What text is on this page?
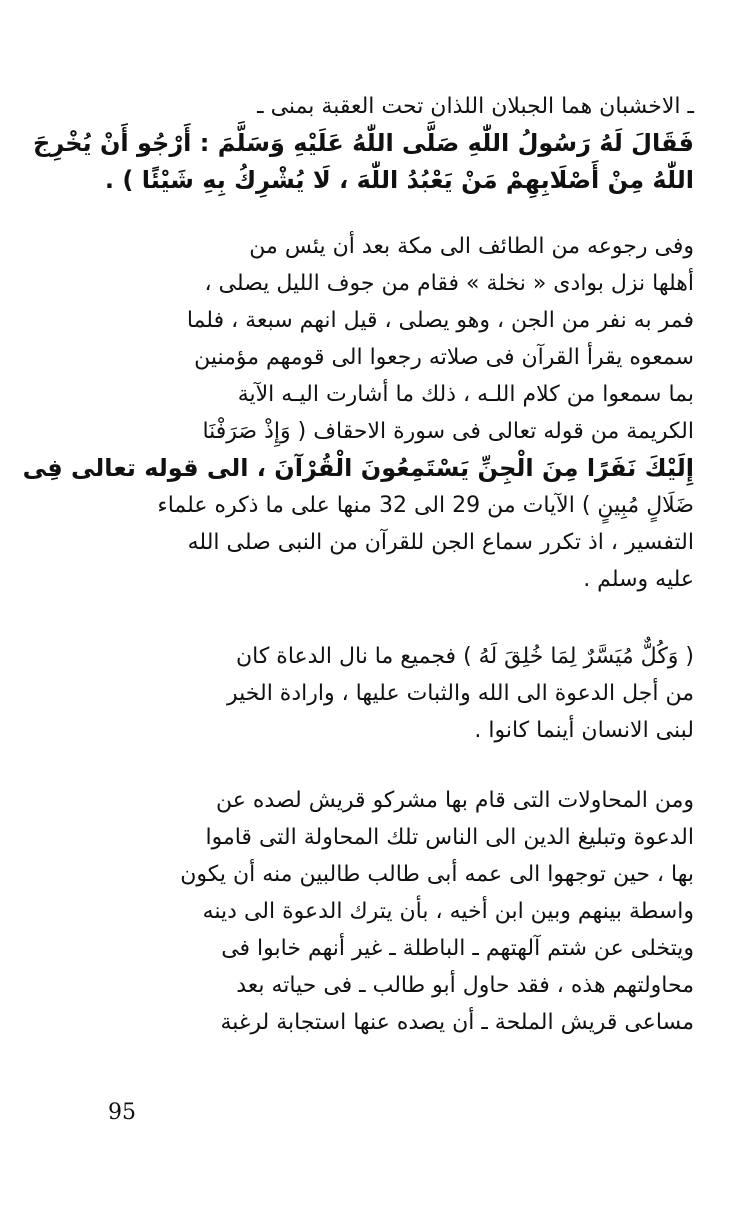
ـ الاخشبان هما الجبلان اللذان تحت العقبة بمنى ـ
فَقَالَ لَهُ رَسُولُ اللّٰهِ صَلَّى اللّٰهُ عَلَيْهِ وَسَلَّمَ : أَرْجُو أَنْ يُخْرِجَ
اللّٰهُ مِنْ أَصْلَابِهِمْ مَنْ يَعْبُدُ اللّٰهَ ، لَا يُشْرِكُ بِهِ شَيْئًا ) .
وفى رجوعه من الطائف الى مكة بعد أن يئس من
أهلها نزل بوادى « نخلة » فقام من جوف الليل يصلى ،
فمر به نفر من الجن ، وهو يصلى ، قيل انهم سبعة ، فلما
سمعوه يقرأ القرآن فى صلاته رجعوا الى قومهم مؤمنين
بما سمعوا من كلام اللـه ، ذلك ما أشارت اليـه الآية
الكريمة من قوله تعالى فى سورة الاحقاف ( وَإِذْ صَرَفْنَا
إِلَيْكَ نَفَرًا مِنَ الْجِنِّ يَسْتَمِعُونَ الْقُرْآنَ ، الى قوله تعالى فِى
ضَلَالٍ مُبِينٍ ) الآيات من 29 الى 32 منها على ما ذكره علماء
التفسير ، اذ تكرر سماع الجن للقرآن من النبى صلى الله
عليه وسلم .
( وَكُلٌّ مُيَسَّرٌ لِمَا خُلِقَ لَهُ ) فجميع ما نال الدعاة كان
من أجل الدعوة الى الله والثبات عليها ، وارادة الخير
لبنى الانسان أينما كانوا .
ومن المحاولات التى قام بها مشركو قريش لصده عن
الدعوة وتبليغ الدين الى الناس تلك المحاولة التى قاموا
بها ، حين توجهوا الى عمه أبى طالب طالبين منه أن يكون
واسطة بينهم وبين ابن أخيه ، بأن يترك الدعوة الى دينه
ويتخلى عن شتم آلهتهم ـ الباطلة ـ غير أنهم خابوا فى
محاولتهم هذه ، فقد حاول أبو طالب ـ فى حياته بعد
مساعى قريش الملحة ـ أن يصده عنها استجابة لرغبة
95
